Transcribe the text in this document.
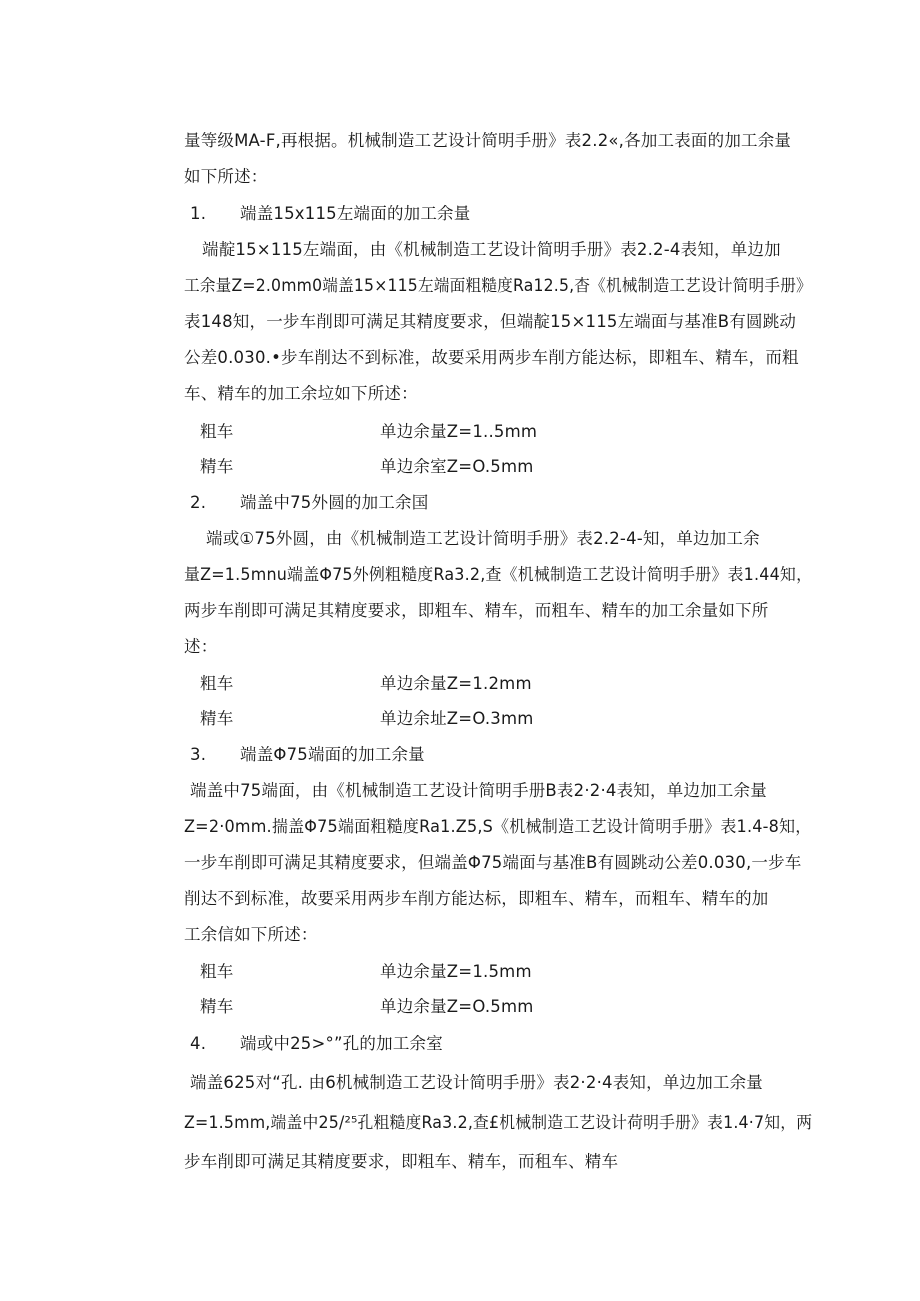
量等级MA-F,再根据。机械制造工艺设计简明手册》表2.2«,各加工表面的加工余量
如下所述：
1. 端盖15x115左端面的加工余量
端靛15×115左端面，由《机械制造工艺设计简明手册》表2.2-4表知，单边加
工余量Z=2.0mm0端盖15×115左端面粗糙度Ra12.5,杳《机械制造工艺设计简明手册》
表148知，一步车削即可满足其精度要求，但端靛15×115左端面与基准B有圆跳动
公差0.030.•步车削达不到标准，故要采用两步车削方能达标，即粗车、精车，而粗
车、精车的加工余垃如下所述：
粗车	单边余量Z=1..5mm
精车	单边余室Z=O.5mm
2. 端盖中75外圆的加工余国
端或①75外圆，由《机械制造工艺设计简明手册》表2.2-4-知，单边加工余
量Z=1.5mnu端盖Φ75外例粗糙度Ra3.2,查《机械制造工艺设计简明手册》表1.44知，
两步车削即可满足其精度要求，即粗车、精车，而粗车、精车的加工余量如下所
述：
粗车	单边余量Z=1.2mm
精车	单边余址Z=O.3mm
3. 端盖Φ75端面的加工余量
端盖中75端面，由《机械制造工艺设计简明手册B表2·2·4表知，单边加工余量
Z=2·0mm.揣盖Φ75端面粗糙度Ra1.Z5,S《机械制造工艺设计简明手册》表1.4-8知，
一步车削即可满足其精度要求，但端盖Φ75端面与基准B有圆跳动公差0.030,一步车
削达不到标准，故要采用两步车削方能达标，即粗车、精车，而粗车、精车的加
工余信如下所述：
粗车	单边余量Z=1.5mm
精车	单边余量Z=O.5mm
4. 端或中25>°”孔的加工余室
端盖625对“孔. 由6机械制造工艺设计简明手册》表2·2·4表知，单边加工余量
Z=1.5mm,端盖中25/²⁵孔粗糙度Ra3.2,查£机械制造工艺设计荷明手册》表1.4·7知，两
步车削即可满足其精度要求，即粗车、精车，而租车、精车
